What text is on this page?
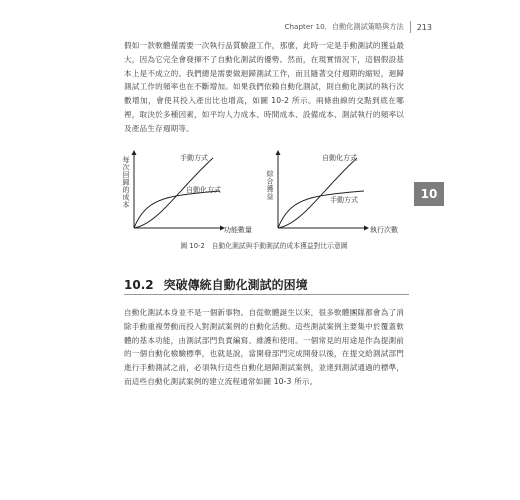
Chapter 10．自動化測試策略與方法 213

假如一款軟體僅需要一次執行品質驗證工作，那麼，此時一定是手動測試的獲益最大，因為它完全會發揮不了自動化測試的優勢。然而，在現實情況下，這個假設基本上是不成立的。我們總是需要做迴歸測試工作，而且隨著交付週期的縮短，迴歸測試工作的頻率也在不斷增加。如果我們依賴自動化測試，則自動化測試的執行次數增加，會使其投入產出比也增高，如圖 10-2 所示。兩條曲線的交點到底在哪裡，取決於多種因素，如平均人力成本、時間成本、設備成本、測試執行的頻率以及產品生存週期等。

每次回歸的成本	手動方式
自動化方式
功能數量
綜合獲益
自動化方式
手動方式
執行次數
圖 10-2　自動化測試與手動測試的成本獲益對比示意圖
10
10.2 突破傳統自動化測試的困境

自動化測試本身並不是一個新事物。自從軟體誕生以來，很多軟體團隊都會為了消除手動重複勞動而投入對測試案例的自動化活動。這些測試案例主要集中於覆蓋軟體的基本功能，由測試部門負責編寫、維護和使用。一個常見的用途是作為提測前的一個自動化檢驗標準，也就是說，當開發部門完成開發以後，在提交給測試部門進行手動測試之前，必須執行這些自動化迴歸測試案例，並達到測試通過的標準，而這些自動化測試案例的建立流程通常如圖 10-3 所示。
